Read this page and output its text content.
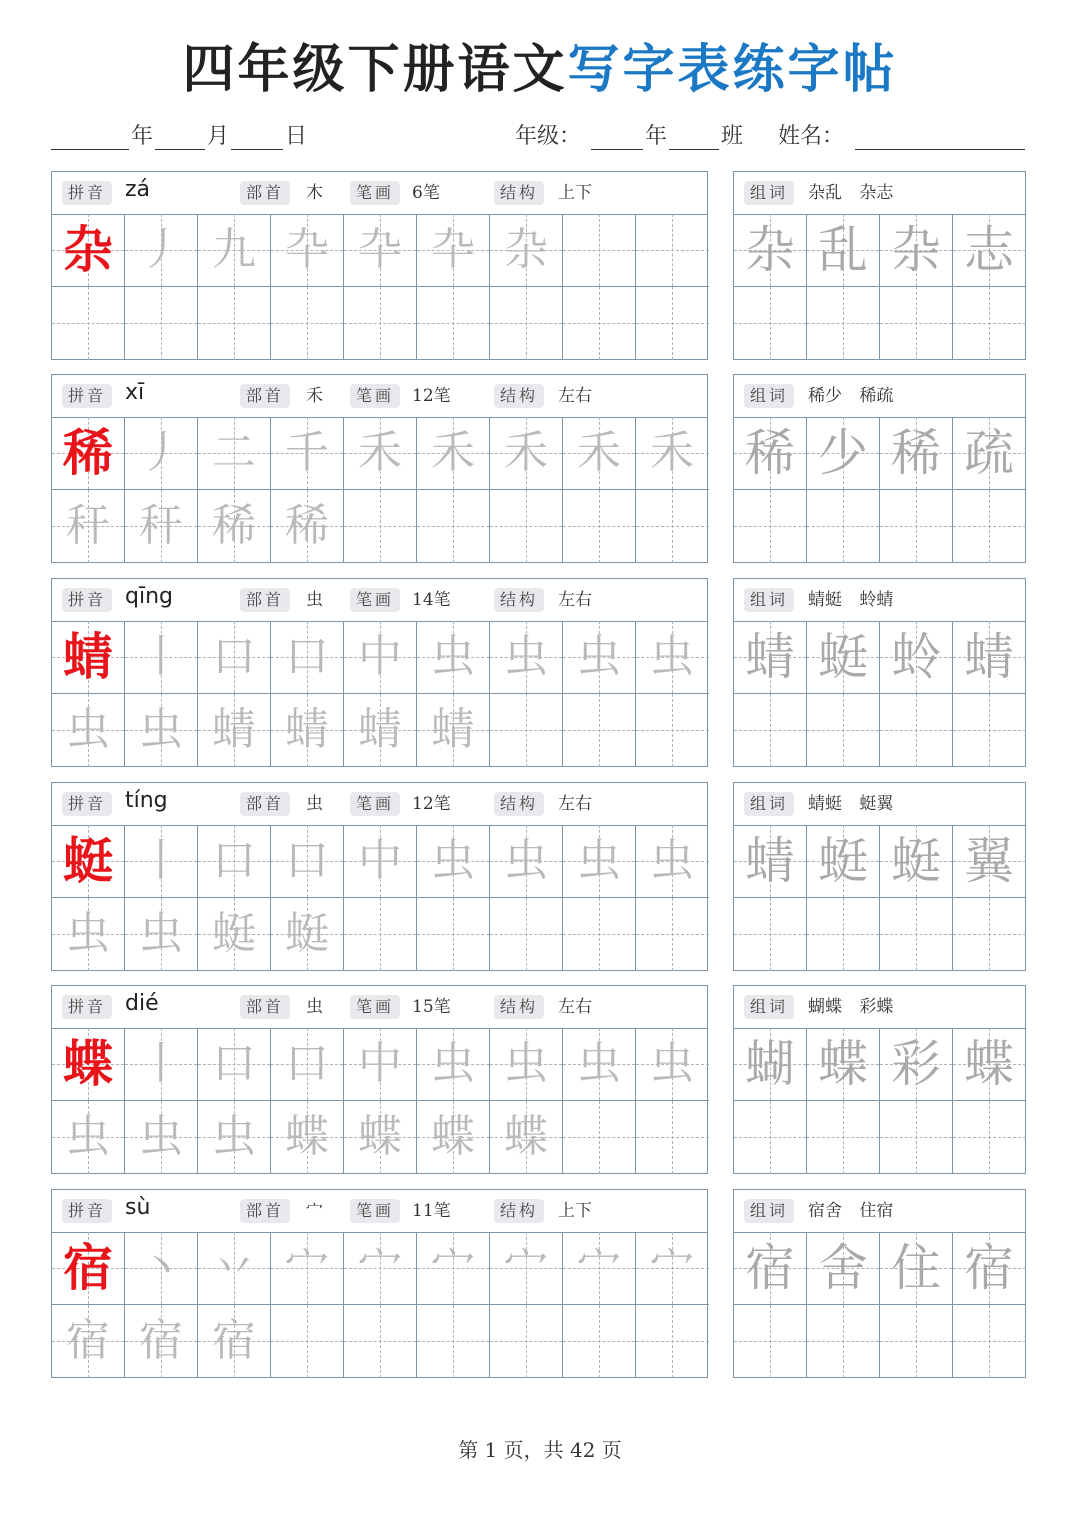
四年级下册语文写字表练字帖
年 月	日	年级：	年 班 姓名：
拼音 zá	部首	木	笔画	6笔	结构	上下
杂 丿 九 卆 卆 卆 杂
组词	杂乱 杂志
杂 乱 杂 志
拼音 xī	部首	禾	笔画	12笔	结构	左右
稀 丿 二 千 禾 禾 禾 禾 禾
秆 秆 稀 稀
组词	稀少 稀疏
稀 少 稀 疏
拼音 qīng	部首	虫	笔画	14笔	结构	左右
蜻 丨 口 口 中 虫 虫 虫 虫
虫 虫 蜻 蜻 蜻 蜻
组词	蜻蜓 蛉蜻
蜻 蜓 蛉 蜻
拼音 tíng	部首	虫	笔画	12笔	结构	左右
蜓 丨 口 口 中 虫 虫 虫 虫
虫 虫 蜓 蜓
组词	蜻蜓 蜓翼
蜻 蜓 蜓 翼
拼音 dié	部首	虫	笔画	15笔	结构	左右
蝶 丨 口 口 中 虫 虫 虫 虫
虫 虫 虫 蝶 蝶 蝶 蝶
组词	蝴蝶 彩蝶
蝴 蝶 彩 蝶
拼音 sù	部首	宀	笔画	11笔	结构	上下
宿 丶 丷 宀 宀 宀 宀 宀 宀
宿 宿 宿
组词	宿舍 住宿
宿 舍 住 宿
第 1 页，共 42 页
